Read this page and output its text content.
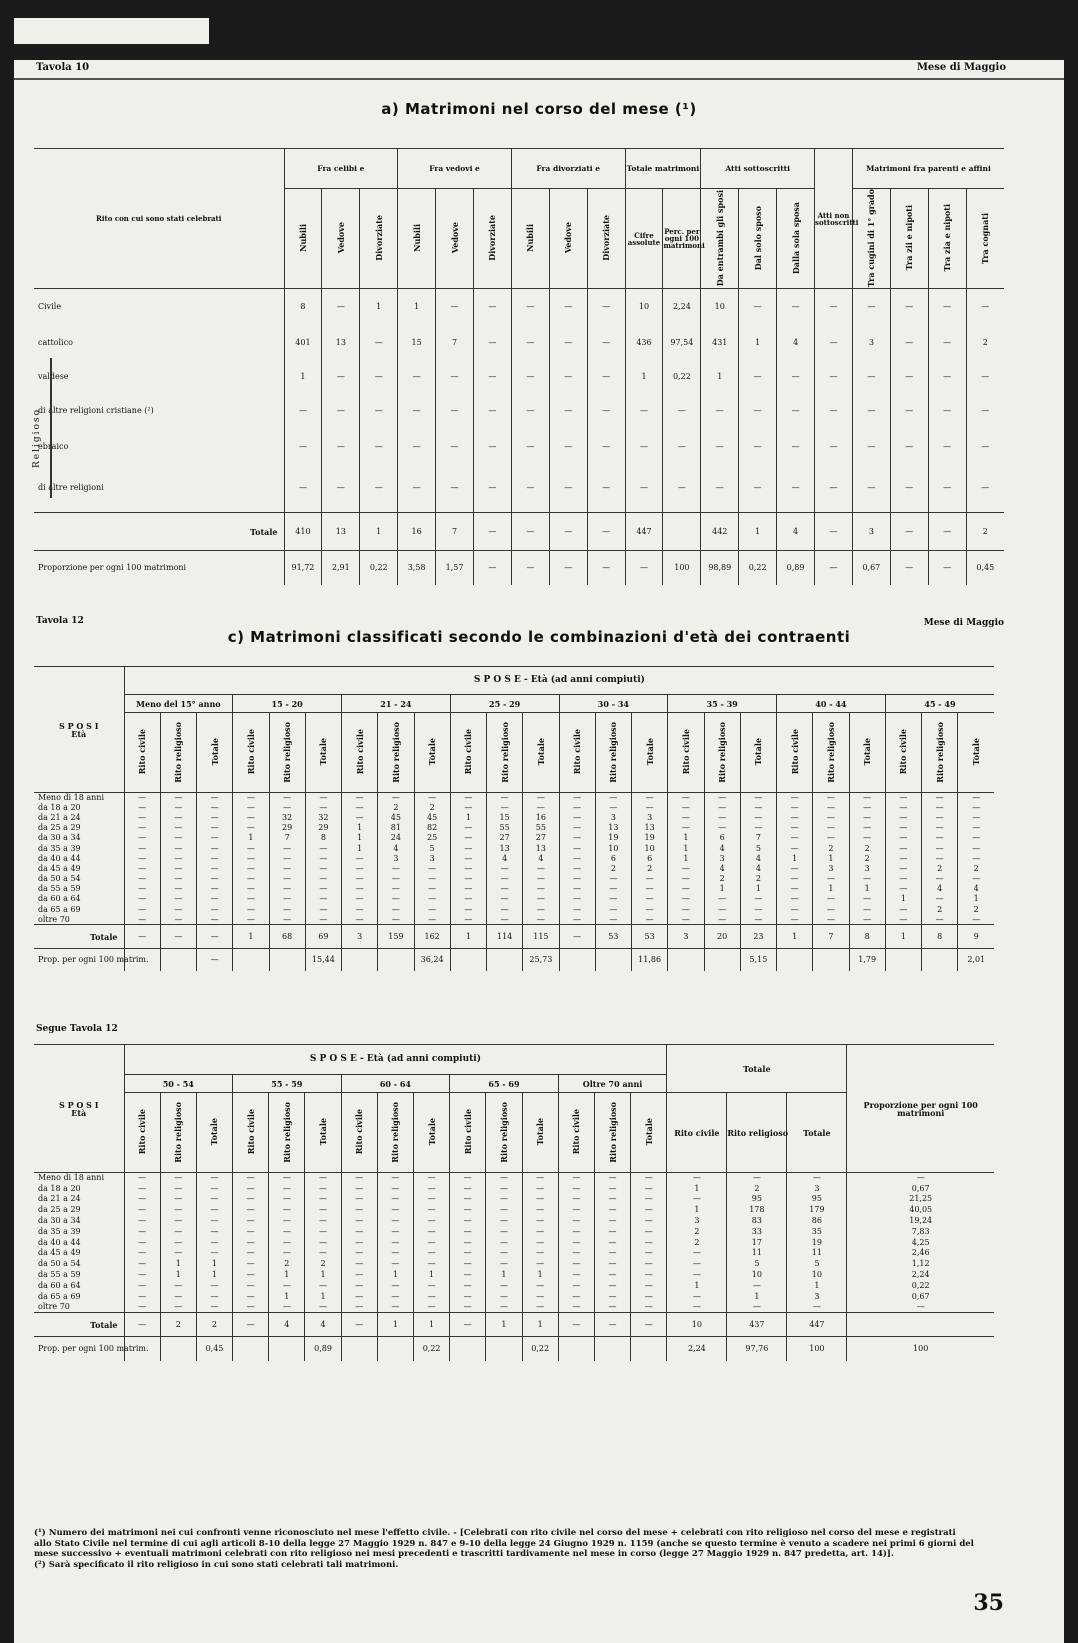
Tavola 10	Mese di Maggio
a) Matrimoni nel corso del mese (¹)
Rito con cui sono stati celebrati	Fra celibi e			Fra vedovi e			Fra divorziati e			Totale matrimoni		Atti sottoscritti			Atti non sottoscritti	Matrimoni fra parenti e affini			
	Nubili	Vedove	Divorziate	Nubili	Vedove	Divorziate	Nubili	Vedove	Divorziate	Cifre assolute	Perc. per ogni 100 matrimoni	Da entrambi gli sposi	Dal solo sposo	Dalla sola sposa		Tra cugini di 1° grado	Tra zii e nipoti	Tra zia e nipoti	Tra cognati
Civile	8	—	1	1	—	—	—	—	—	10	2,24	10	—	—	—	—	—	—	—
cattolico	401	13	—	15	7	—	—	—	—	436	97,54	431	1	4	—	3	—	—	2
valdese	1	—	—	—	—	—	—	—	—	1	0,22	1	—	—	—	—	—	—	—
di altre religioni cristiane (²)	—	—	—	—	—	—	—	—	—	—	—	—	—	—	—	—	—	—	—
ebraico	—	—	—	—	—	—	—	—	—	—	—	—	—	—	—	—	—	—	—
di altre religioni	—	—	—	—	—	—	—	—	—	—	—	—	—	—	—	—	—	—	—
Totale	410	13	1	16	7	—	—	—	—	447		442	1	4	—	3	—	—	2
Proporzione per ogni 100 matrimoni	91,72	2,91	0,22	3,58	1,57	—	—	—	—	—	100	98,89	0,22	0,89	—	0,67	—	—	0,45
Religioso
Tavola 12	Mese di Maggio
c) Matrimoni classificati secondo le combinazioni d'età dei contraenti
S P O S I
Età	S P O S E - Età (ad anni compiuti)																							
	Meno del 15° anno			15 - 20			21 - 24			25 - 29			30 - 34			35 - 39			40 - 44			45 - 49		
	Rito civile	Rito religioso	Totale	Rito civile	Rito religioso	Totale	Rito civile	Rito religioso	Totale	Rito civile	Rito religioso	Totale	Rito civile	Rito religioso	Totale	Rito civile	Rito religioso	Totale	Rito civile	Rito religioso	Totale	Rito civile	Rito religioso	Totale
Meno di 18 anni	—	—	—	—	—	—	—	—	—	—	—	—	—	—	—	—	—	—	—	—	—	—	—	—
da 18 a 20	—	—	—	—	—	—	—	2	2	—	—	—	—	—	—	—	—	—	—	—	—	—	—	—
da 21 a 24	—	—	—	—	32	32	—	45	45	1	15	16	—	3	3	—	—	—	—	—	—	—	—	—
da 25 a 29	—	—	—	—	29	29	1	81	82	—	55	55	—	13	13	—	—	—	—	—	—	—	—	—
da 30 a 34	—	—	—	1	7	8	1	24	25	—	27	27	—	19	19	1	6	7	—	—	—	—	—	—
da 35 a 39	—	—	—	—	—	—	1	4	5	—	13	13	—	10	10	1	4	5	—	2	2	—	—	—
da 40 a 44	—	—	—	—	—	—	—	3	3	—	4	4	—	6	6	1	3	4	1	1	2	—	—	—
da 45 a 49	—	—	—	—	—	—	—	—	—	—	—	—	—	2	2	—	4	4	—	3	3	—	2	2
da 50 a 54	—	—	—	—	—	—	—	—	—	—	—	—	—	—	—	—	2	2	—	—	—	—	—	—
da 55 a 59	—	—	—	—	—	—	—	—	—	—	—	—	—	—	—	—	1	1	—	1	1	—	4	4
da 60 a 64	—	—	—	—	—	—	—	—	—	—	—	—	—	—	—	—	—	—	—	—	—	1	—	1
da 65 a 69	—	—	—	—	—	—	—	—	—	—	—	—	—	—	—	—	—	—	—	—	—	—	2	2
oltre 70	—	—	—	—	—	—	—	—	—	—	—	—	—	—	—	—	—	—	—	—	—	—	—	—
Totale	—	—	—	1	68	69	3	159	162	1	114	115	—	53	53	3	20	23	1	7	8	1	8	9
Prop. per ogni 100 matrim.			—			15,44			36,24			25,73			11,86			5,15			1,79			2,01
Segue Tavola 12
S P O S I
Età	S P O S E - Età (ad anni compiuti)															Totale			Proporzione per ogni 100 matrimoni
	50 - 54			55 - 59			60 - 64			65 - 69			Oltre 70 anni						
	Rito civile	Rito religioso	Totale	Rito civile	Rito religioso	Totale	Rito civile	Rito religioso	Totale	Rito civile	Rito religioso	Totale	Rito civile	Rito religioso	Totale	Rito civile	Rito religioso	Totale	
Meno di 18 anni	—	—	—	—	—	—	—	—	—	—	—	—	—	—	—	—	—	—	—
da 18 a 20	—	—	—	—	—	—	—	—	—	—	—	—	—	—	—	1	2	3	0,67
da 21 a 24	—	—	—	—	—	—	—	—	—	—	—	—	—	—	—	—	95	95	21,25
da 25 a 29	—	—	—	—	—	—	—	—	—	—	—	—	—	—	—	1	178	179	40,05
da 30 a 34	—	—	—	—	—	—	—	—	—	—	—	—	—	—	—	3	83	86	19,24
da 35 a 39	—	—	—	—	—	—	—	—	—	—	—	—	—	—	—	2	33	35	7,83
da 40 a 44	—	—	—	—	—	—	—	—	—	—	—	—	—	—	—	2	17	19	4,25
da 45 a 49	—	—	—	—	—	—	—	—	—	—	—	—	—	—	—	—	11	11	2,46
da 50 a 54	—	1	1	—	2	2	—	—	—	—	—	—	—	—	—	—	5	5	1,12
da 55 a 59	—	1	1	—	1	1	—	1	1	—	1	1	—	—	—	—	10	10	2,24
da 60 a 64	—	—	—	—	—	—	—	—	—	—	—	—	—	—	—	1	—	1	0,22
da 65 a 69	—	—	—	—	1	1	—	—	—	—	—	—	—	—	—	—	1	3	0,67
oltre 70	—	—	—	—	—	—	—	—	—	—	—	—	—	—	—	—	—	—	—
Totale	—	2	2	—	4	4	—	1	1	—	1	1	—	—	—	10	437	447	
Prop. per ogni 100 matrim.			0,45			0,89			0,22			0,22				2,24	97,76	100	100
(¹) Numero dei matrimoni nei cui confronti venne riconosciuto nel mese l'effetto civile. - [Celebrati con rito civile nel corso del mese + celebrati con rito religioso nel corso del mese e registrati allo Stato Civile nel termine di cui agli articoli 8-10 della legge 27 Maggio 1929 n. 847 e 9-10 della legge 24 Giugno 1929 n. 1159 (anche se questo termine è venuto a scadere nei primi 6 giorni del mese successivo + eventuali matrimoni celebrati con rito religioso nei mesi precedenti e trascritti tardivamente nel mese in corso (legge 27 Maggio 1929 n. 847 predetta, art. 14)].
(²) Sarà specificato il rito religioso in cui sono stati celebrati tali matrimoni.
35
